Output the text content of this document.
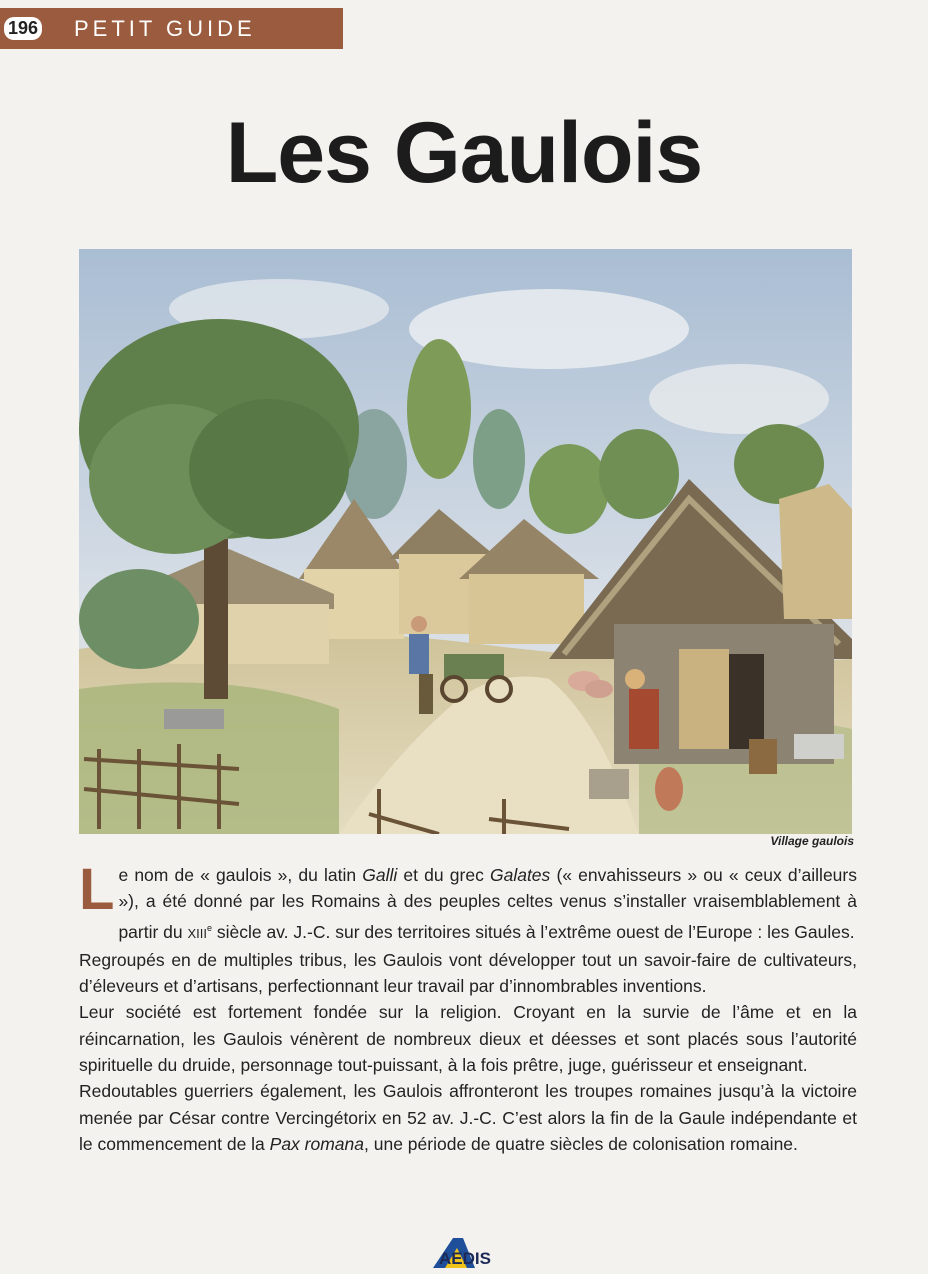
196 PETIT GUIDE
Les Gaulois
Village gaulois

Le nom de « gaulois », du latin Galli et du grec Galates (« envahisseurs » ou « ceux d’ailleurs »), a été donné par les Romains à des peuples celtes venus s’installer vraisemblablement à partir du XIIIe siècle av. J.-C. sur des territoires situés à l’extrême ouest de l’Europe : les Gaules.

Regroupés en de multiples tribus, les Gaulois vont développer tout un savoir-faire de cultivateurs, d’éleveurs et d’artisans, perfectionnant leur travail par d’innombrables inventions.

Leur société est fortement fondée sur la religion. Croyant en la survie de l’âme et en la réincarnation, les Gaulois vénèrent de nombreux dieux et déesses et sont placés sous l’autorité spirituelle du druide, personnage tout-puissant, à la fois prêtre, juge, guérisseur et enseignant.

Redoutables guerriers également, les Gaulois affronteront les troupes romaines jusqu’à la victoire menée par César contre Vercingétorix en 52 av. J.-C. C’est alors la fin de la Gaule indépendante et le commencement de la Pax romana, une période de quatre siècles de colonisation romaine.

AEDIS
